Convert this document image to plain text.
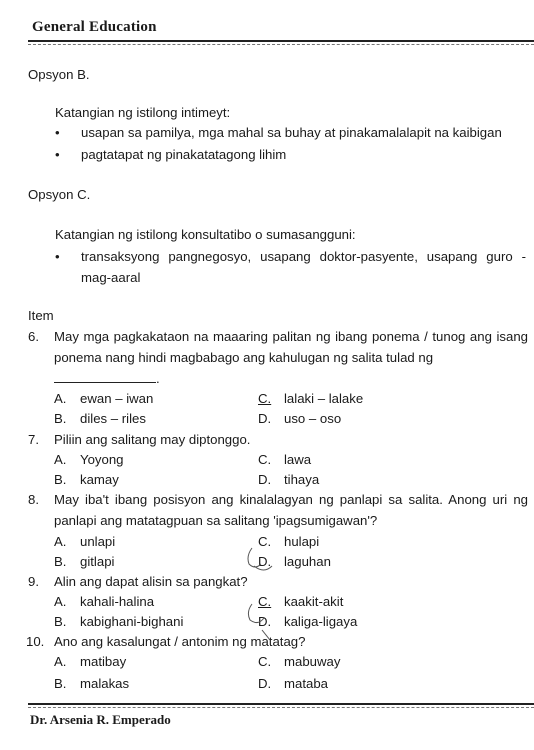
General Education
Opsyon B.
Katangian ng istilong intimeyt:
• usapan sa pamilya, mga mahal sa buhay at pinakamalalapit na kaibigan
• pagtatapat ng pinakatatagong lihim
Opsyon C.
Katangian ng istilong konsultatibo o sumasangguni:
• transaksyong pangnegosyo, usapang doktor-pasyente, usapang guro - mag-aaral
Item
6. May mga pagkakataon na maaaring palitan ng ibang ponema / tunog ang isang ponema nang hindi magbabago ang kahulugan ng salita tulad ng
.
A. ewan – iwan	C. lalaki – lalake
B. diles – riles	D. uso – oso
7. Piliin ang salitang may diptonggo.
A. Yoyong	C. lawa
B. kamay	D. tihaya
8. May iba't ibang posisyon ang kinalalagyan ng panlapi sa salita. Anong uri ng panlapi ang matatagpuan sa salitang 'ipagsumigawan'?
A. unlapi	C. hulapi
B. gitlapi	D. laguhan
9. Alin ang dapat alisin sa pangkat?
A. kahali-halina	C. kaakit-akit
B. kabighani-bighani	D. kaliga-ligaya
10. Ano ang kasalungat / antonim ng matatag?
A. matibay	C. mabuway
B. malakas	D. mataba
Dr. Arsenia R. Emperado
